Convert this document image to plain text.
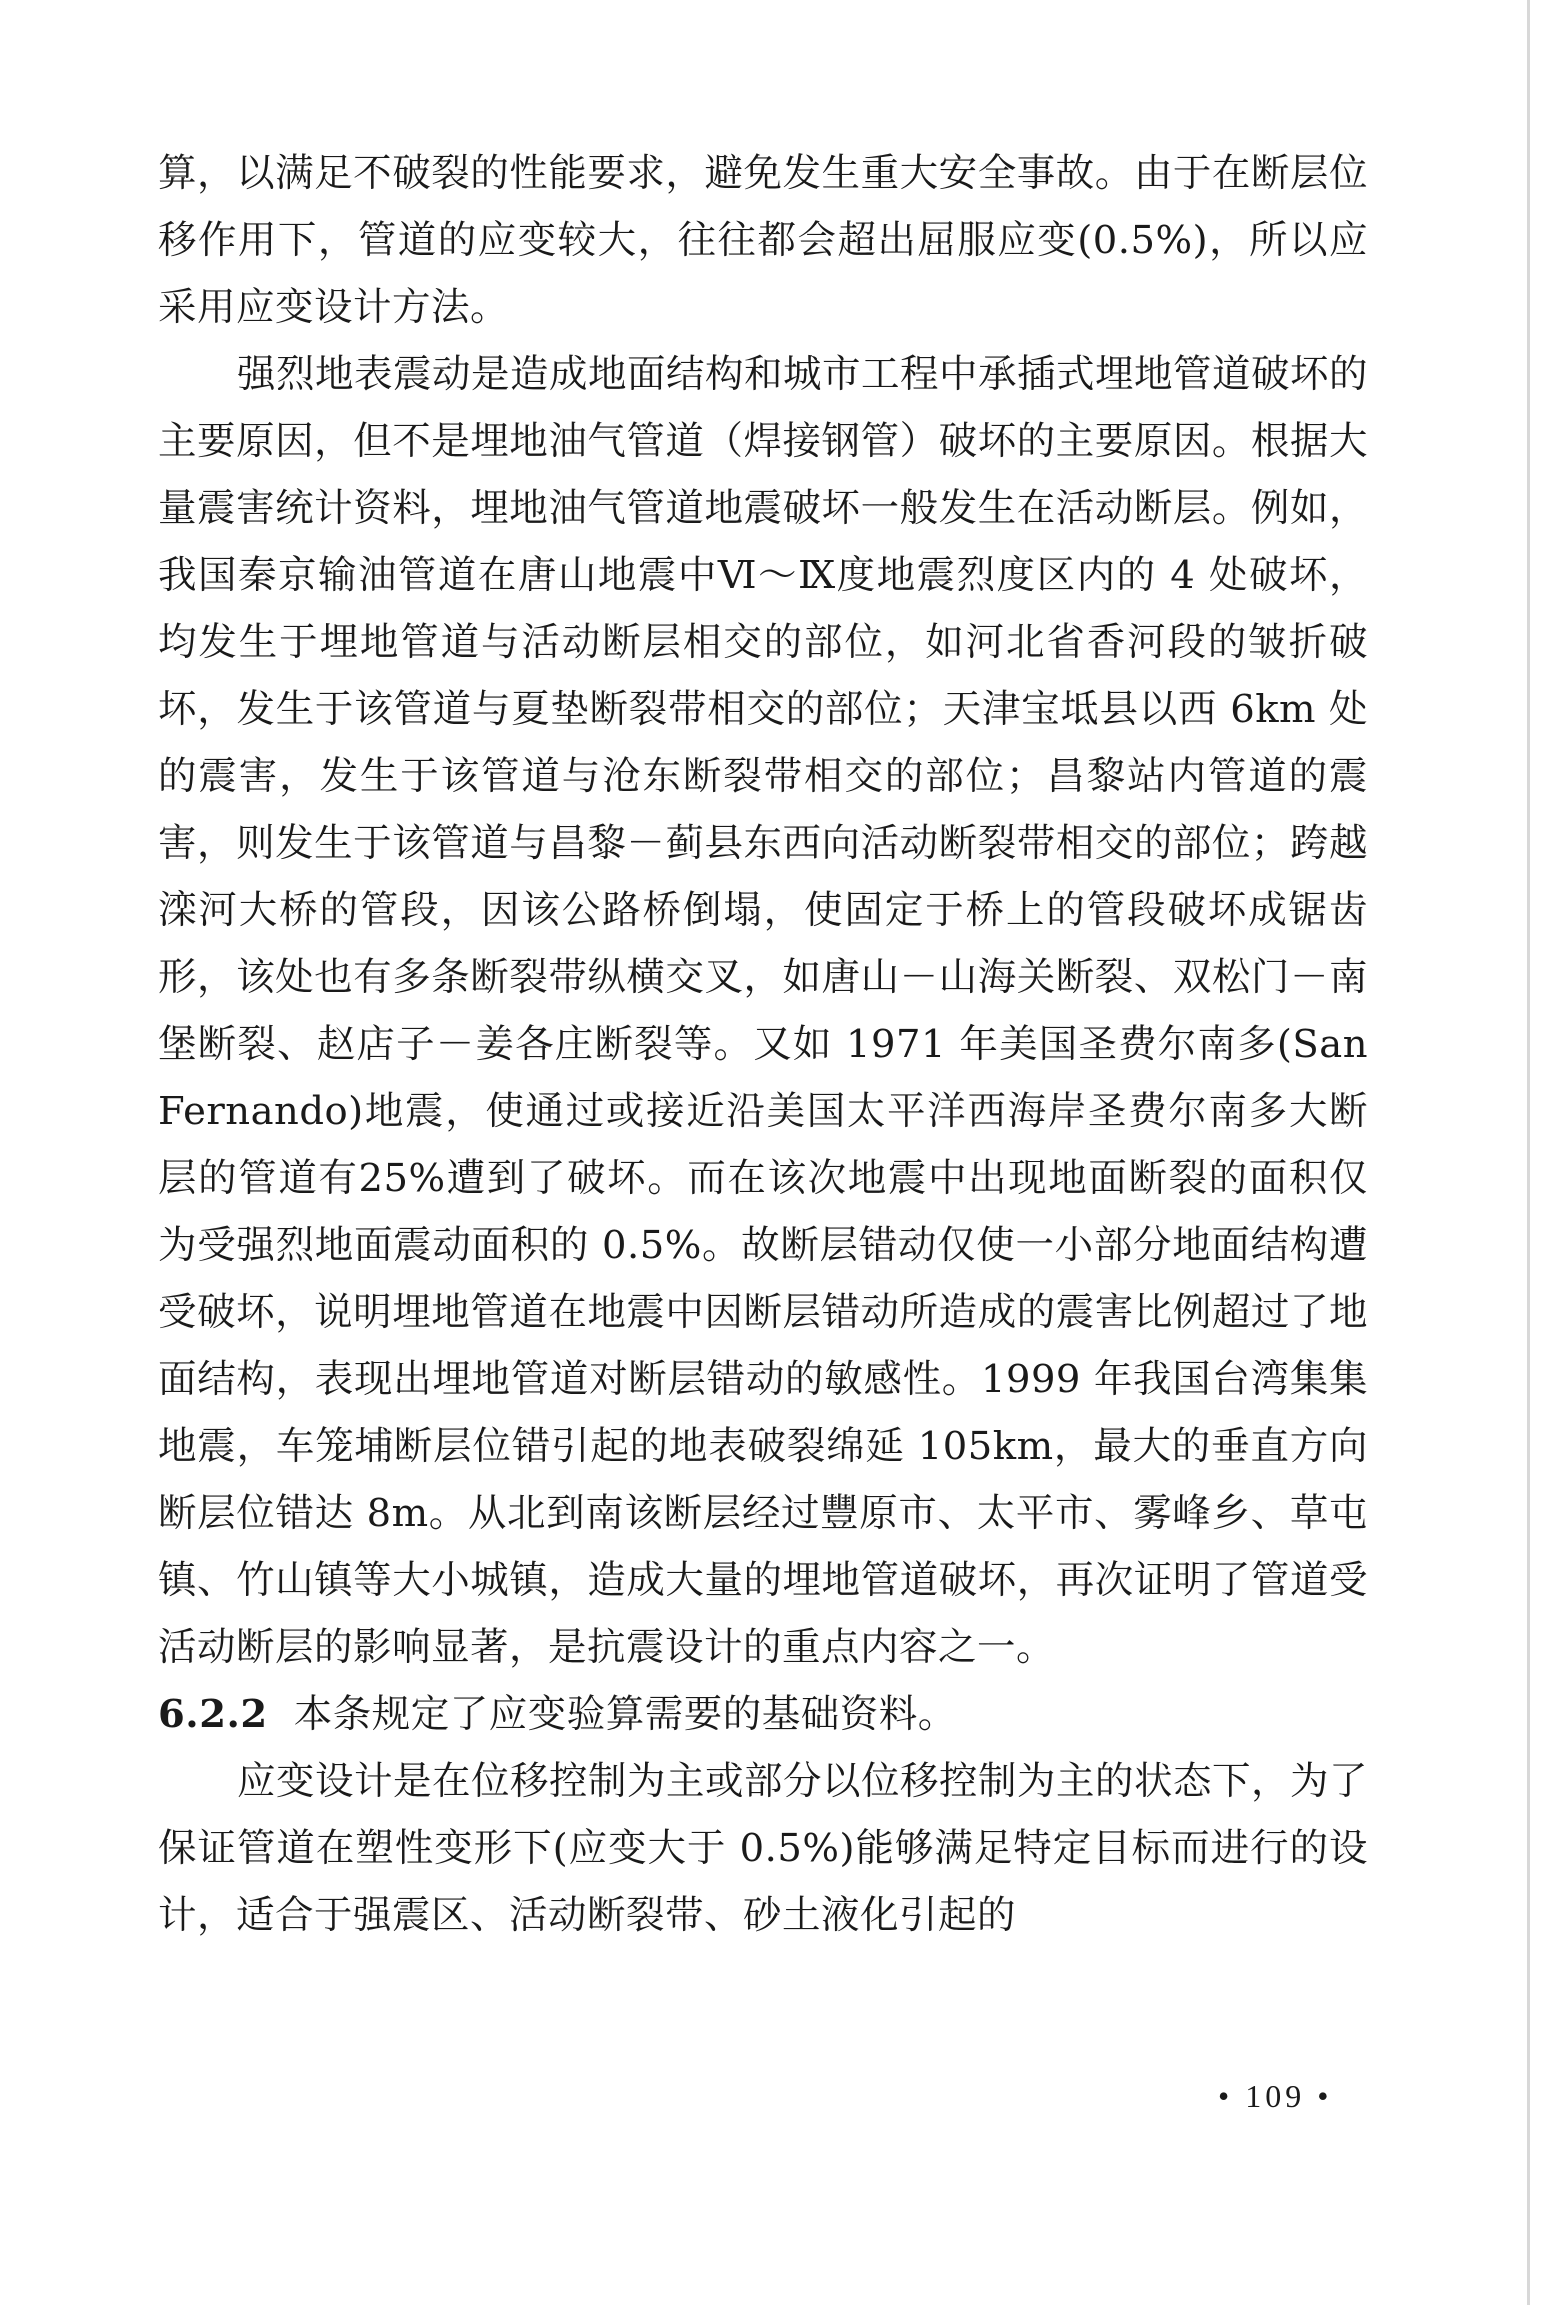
算，以满足不破裂的性能要求，避免发生重大安全事故。由于在断层位移作用下，管道的应变较大，往往都会超出屈服应变(0.5%)，所以应采用应变设计方法。

强烈地表震动是造成地面结构和城市工程中承插式埋地管道破坏的主要原因，但不是埋地油气管道（焊接钢管）破坏的主要原因。根据大量震害统计资料，埋地油气管道地震破坏一般发生在活动断层。例如，我国秦京输油管道在唐山地震中Ⅵ～Ⅸ度地震烈度区内的 4 处破坏，均发生于埋地管道与活动断层相交的部位，如河北省香河段的皱折破坏，发生于该管道与夏垫断裂带相交的部位；天津宝坻县以西 6km 处的震害，发生于该管道与沧东断裂带相交的部位；昌黎站内管道的震害，则发生于该管道与昌黎－蓟县东西向活动断裂带相交的部位；跨越滦河大桥的管段，因该公路桥倒塌，使固定于桥上的管段破坏成锯齿形，该处也有多条断裂带纵横交叉，如唐山－山海关断裂、双松门－南堡断裂、赵店子－姜各庄断裂等。又如 1971 年美国圣费尔南多(San Fernando)地震，使通过或接近沿美国太平洋西海岸圣费尔南多大断层的管道有25%遭到了破坏。而在该次地震中出现地面断裂的面积仅为受强烈地面震动面积的 0.5%。故断层错动仅使一小部分地面结构遭受破坏，说明埋地管道在地震中因断层错动所造成的震害比例超过了地面结构，表现出埋地管道对断层错动的敏感性。1999 年我国台湾集集地震，车笼埔断层位错引起的地表破裂绵延 105km，最大的垂直方向断层位错达 8m。从北到南该断层经过豐原市、太平市、雾峰乡、草屯镇、竹山镇等大小城镇，造成大量的埋地管道破坏，再次证明了管道受活动断层的影响显著，是抗震设计的重点内容之一。

6.2.2 本条规定了应变验算需要的基础资料。

应变设计是在位移控制为主或部分以位移控制为主的状态下，为了保证管道在塑性变形下(应变大于 0.5%)能够满足特定目标而进行的设计，适合于强震区、活动断裂带、砂土液化引起的

• 109 •
